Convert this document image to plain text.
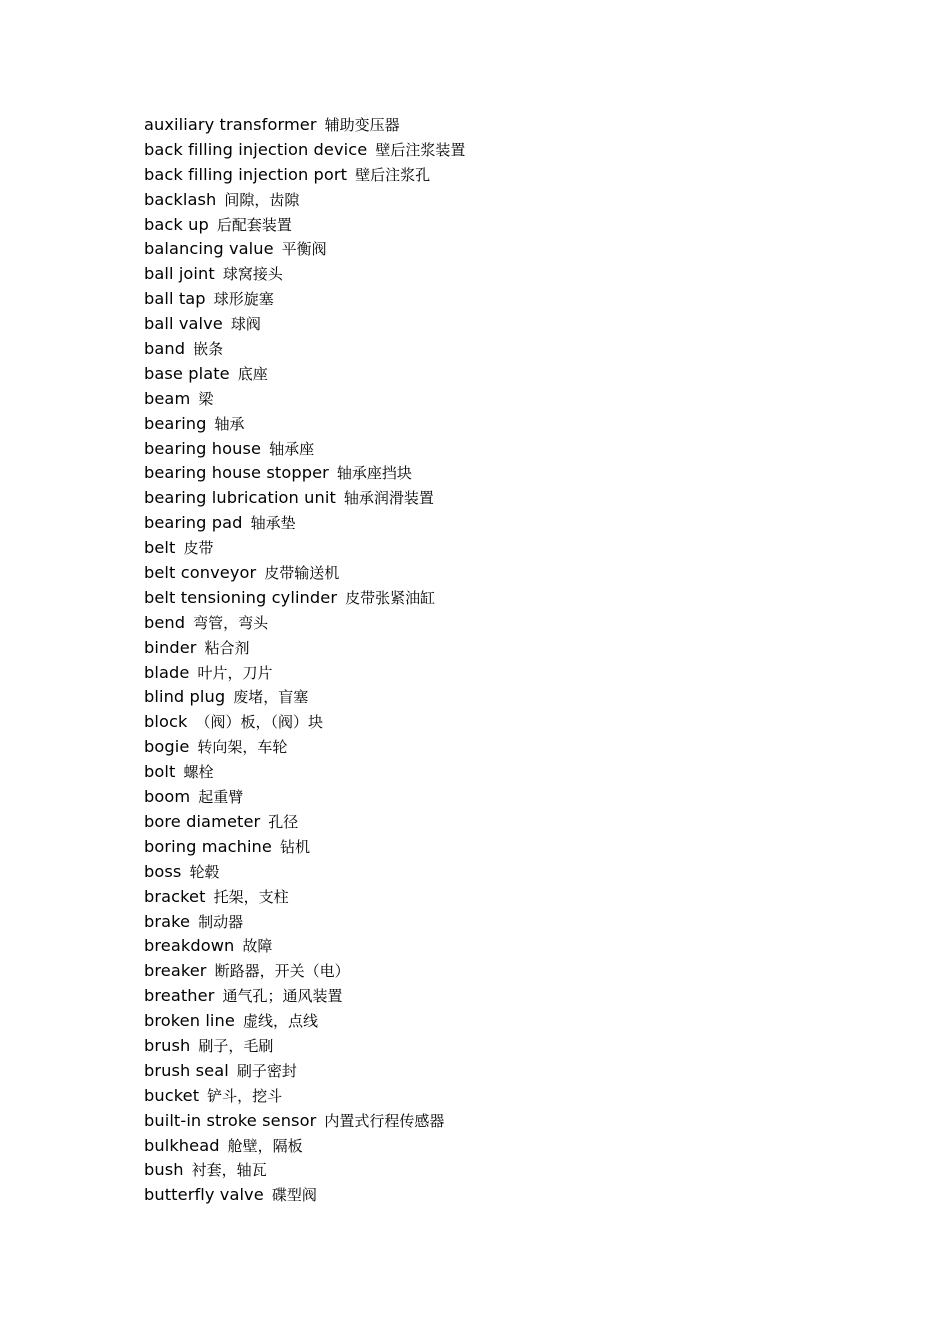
auxiliary transformer 辅助变压器
back filling injection device 壁后注浆装置
back filling injection port 壁后注浆孔
backlash 间隙，齿隙
back up 后配套装置
balancing value 平衡阀
ball joint 球窝接头
ball tap 球形旋塞
ball valve 球阀
band 嵌条
base plate 底座
beam 梁
bearing 轴承
bearing house 轴承座
bearing house stopper 轴承座挡块
bearing lubrication unit 轴承润滑装置
bearing pad 轴承垫
belt 皮带
belt conveyor 皮带输送机
belt tensioning cylinder 皮带张紧油缸
bend 弯管，弯头
binder 粘合剂
blade 叶片，刀片
blind plug 废堵，盲塞
block （阀）板，（阀）块
bogie 转向架，车轮
bolt 螺栓
boom 起重臂
bore diameter 孔径
boring machine 钻机
boss 轮毂
bracket 托架，支柱
brake 制动器
breakdown 故障
breaker 断路器，开关（电）
breather 通气孔；通风装置
broken line 虚线，点线
brush 刷子，毛刷
brush seal 刷子密封
bucket 铲斗，挖斗
built-in stroke sensor 内置式行程传感器
bulkhead 舱壁，隔板
bush 衬套，轴瓦
butterfly valve 碟型阀
